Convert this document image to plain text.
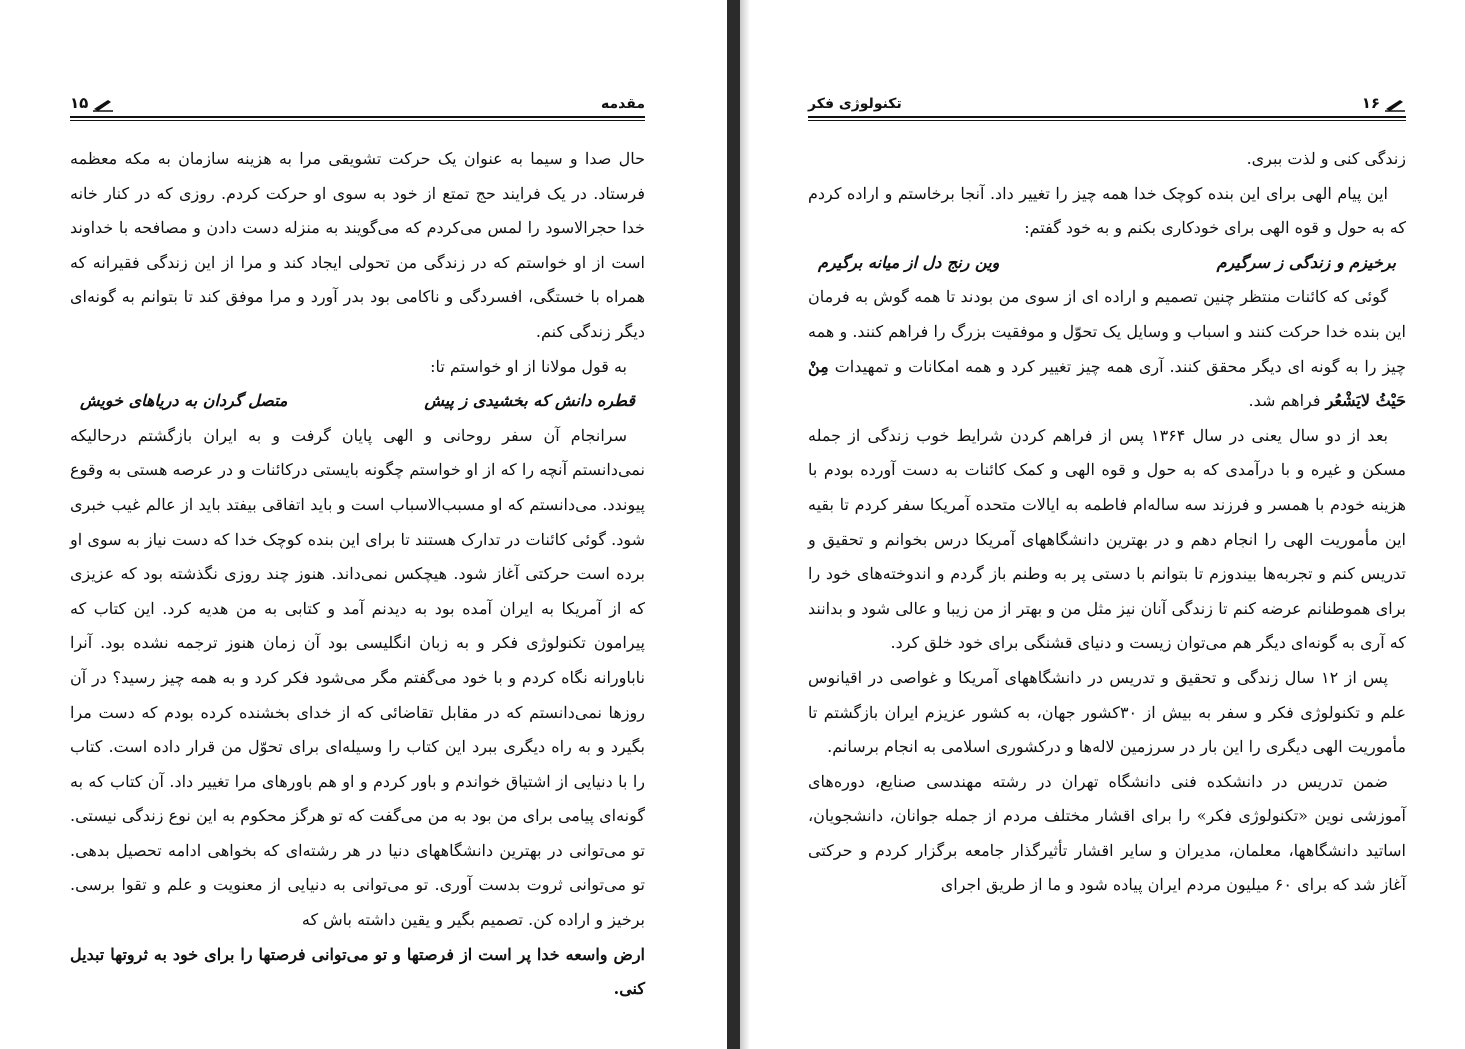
مقدمه
۱۵

حال صدا و سیما به عنوان یک حرکت تشویقی مرا به هزینه سازمان به مکه معظمه فرستاد. در یک فرایند حج تمتع از خود به سوی او حرکت کردم. روزی که در کنار خانه خدا حجرالاسود را لمس می‌کردم که می‌گویند به منزله دست دادن و مصافحه با خداوند است از او خواستم که در زندگی من تحولی ایجاد کند و مرا از این زندگی فقیرانه که همراه با خستگی، افسردگی و ناکامی بود بدر آورد و مرا موفق کند تا بتوانم به گونه‌ای دیگر زندگی کنم.

به قول مولانا از او خواستم تا:

قطره دانش که بخشیدی ز پیش
متصل گردان به دریاهای خویش

سرانجام آن سفر روحانی و الهی پایان گرفت و به ایران بازگشتم درحالیکه نمی‌دانستم آنچه را که از او خواستم چگونه بایستی درکائنات و در عرصه هستی به وقوع پیوندد. می‌دانستم که او مسبب‌الاسباب است و باید اتفاقی بیفتد باید از عالم غیب خبری شود. گوئی کائنات در تدارک هستند تا برای این بنده کوچک خدا که دست نیاز به سوی او برده است حرکتی آغاز شود. هیچکس نمی‌داند. هنوز چند روزی نگذشته بود که عزیزی که از آمریکا به ایران آمده بود به دیدنم آمد و کتابی به من هدیه کرد. این کتاب که پیرامون تکنولوژی فکر و به زبان انگلیسی بود آن زمان هنوز ترجمه نشده بود. آنرا ناباورانه نگاه کردم و با خود می‌گفتم مگر می‌شود فکر کرد و به همه چیز رسید؟ در آن روزها نمی‌دانستم که در مقابل تقاضائی که از خدای بخشنده کرده بودم که دست مرا بگیرد و به راه دیگری ببرد این کتاب را وسیله‌ای برای تحوّل من قرار داده است. کتاب را با دنیایی از اشتیاق خواندم و باور کردم و او هم باورهای مرا تغییر داد. آن کتاب که به گونه‌ای پیامی برای من بود به من می‌گفت که تو هرگز محکوم به این نوع زندگی نیستی. تو می‌توانی در بهترین دانشگاههای دنیا در هر رشته‌ای که بخواهی ادامه تحصیل بدهی. تو می‌توانی ثروت بدست آوری. تو می‌توانی به دنیایی از معنویت و علم و تقوا برسی. برخیز و اراده کن. تصمیم بگیر و یقین داشته باش که

ارض واسعه خدا پر است از فرصتها و تو می‌توانی فرصتها را برای خود به ثروتها تبدیل کنی.

۱۶
تکنولوژی فکر

زندگی کنی و لذت ببری.

این پیام الهی برای این بنده کوچک خدا همه چیز را تغییر داد. آنجا برخاستم و اراده کردم که به حول و قوه الهی برای خودکاری بکنم و به خود گفتم:

برخیزم و زندگی ز سرگیرم
وین رنج دل از میانه برگیرم

گوئی که کائنات منتظر چنین تصمیم و اراده ای از سوی من بودند تا همه گوش به فرمان این بنده خدا حرکت کنند و اسباب و وسایل یک تحوّل و موفقیت بزرگ را فراهم کنند. و همه چیز را به گونه ای دیگر محقق کنند. آری همه چیز تغییر کرد و همه امکانات و تمهیدات مِنْ حَیْثُ لایَشْعُر فراهم شد.

بعد از دو سال یعنی در سال ۱۳۶۴ پس از فراهم کردن شرایط خوب زندگی از جمله مسکن و غیره و با درآمدی که به حول و قوه الهی و کمک کائنات به دست آورده بودم با هزینه خودم با همسر و فرزند سه ساله‌ام فاطمه به ایالات متحده آمریکا سفر کردم تا بقیه این مأموریت الهی را انجام دهم و در بهترین دانشگاههای آمریکا درس بخوانم و تحقیق و تدریس کنم و تجربه‌ها بیندوزم تا بتوانم با دستی پر به وطنم باز گردم و اندوخته‌های خود را برای هموطنانم عرضه کنم تا زندگی آنان نیز مثل من و بهتر از من زیبا و عالی شود و بدانند که آری به گونه‌ای دیگر هم می‌توان زیست و دنیای قشنگی برای خود خلق کرد.

پس از ۱۲ سال زندگی و تحقیق و تدریس در دانشگاههای آمریکا و غواصی در اقیانوس علم و تکنولوژی فکر و سفر به بیش از ۳۰کشور جهان، به کشور عزیزم ایران بازگشتم تا مأموریت الهی دیگری را این بار در سرزمین لاله‌ها و درکشوری اسلامی به انجام برسانم.

ضمن تدریس در دانشکده فنی دانشگاه تهران در رشته مهندسی صنایع، دوره‌های آموزشی نوین «تکنولوژی فکر» را برای اقشار مختلف مردم از جمله جوانان، دانشجویان، اساتید دانشگاهها، معلمان، مدیران و سایر اقشار تأثیرگذار جامعه برگزار کردم و حرکتی آغاز شد که برای ۶۰ میلیون مردم ایران پیاده شود و ما از طریق اجرای
